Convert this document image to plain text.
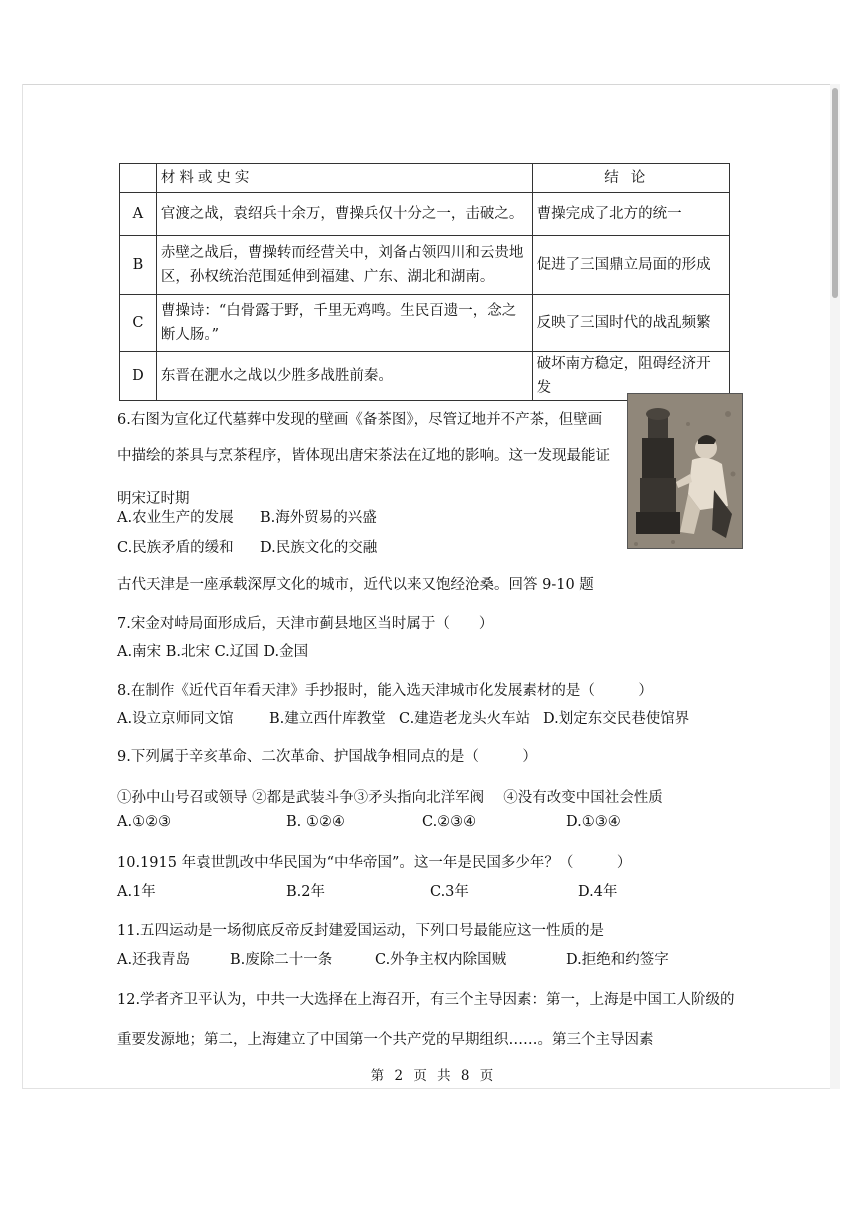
	材料或史实	结论
A	官渡之战，袁绍兵十余万，曹操兵仅十分之一，击破之。	曹操完成了北方的统一
B	赤壁之战后，曹操转而经营关中，刘备占领四川和云贵地
区，孙权统治范围延伸到福建、广东、湖北和湖南。	促进了三国鼎立局面的形成
C	曹操诗：“白骨露于野，千里无鸡鸣。生民百遗一，念之
断人肠。”	反映了三国时代的战乱频繁
D	东晋在淝水之战以少胜多战胜前秦。	破坏南方稳定，阻碍经济开发
6.右图为宣化辽代墓葬中发现的壁画《备茶图》，尽管辽地并不产茶，但壁画
中描绘的茶具与烹茶程序，皆体现出唐宋茶法在辽地的影响。这一发现最能证
明宋辽时期
A.农业生产的发展 B.海外贸易的兴盛
C.民族矛盾的缓和 D.民族文化的交融
古代天津是一座承载深厚文化的城市，近代以来又饱经沧桑。回答 9-10 题
7.宋金对峙局面形成后，天津市蓟县地区当时属于（　　）
A.南宋 B.北宋 C.辽国 D.金国
8.在制作《近代百年看天津》手抄报时，能入选天津城市化发展素材的是（　　　）
A.设立京师同文馆 B.建立西什库教堂 C.建造老龙头火车站 D.划定东交民巷使馆界
9.下列属于辛亥革命、二次革命、护国战争相同点的是（　　　）
①孙中山号召或领导 ②都是武装斗争③矛头指向北洋军阀　 ④没有改变中国社会性质
A.①②③	B. ①②④	C.②③④	D.①③④
10.1915 年袁世凯改中华民国为“中华帝国”。这一年是民国多少年？（　　　）
A.1年	B.2年	C.3年	D.4年
11.五四运动是一场彻底反帝反封建爱国运动，下列口号最能应这一性质的是
A.还我青岛	B.废除二十一条	C.外争主权内除国贼	D.拒绝和约签字
12.学者齐卫平认为，中共一大选择在上海召开，有三个主导因素：第一，上海是中国工人阶级的
重要发源地；第二，上海建立了中国第一个共产党的早期组织……。第三个主导因素
第 2 页 共 8 页
